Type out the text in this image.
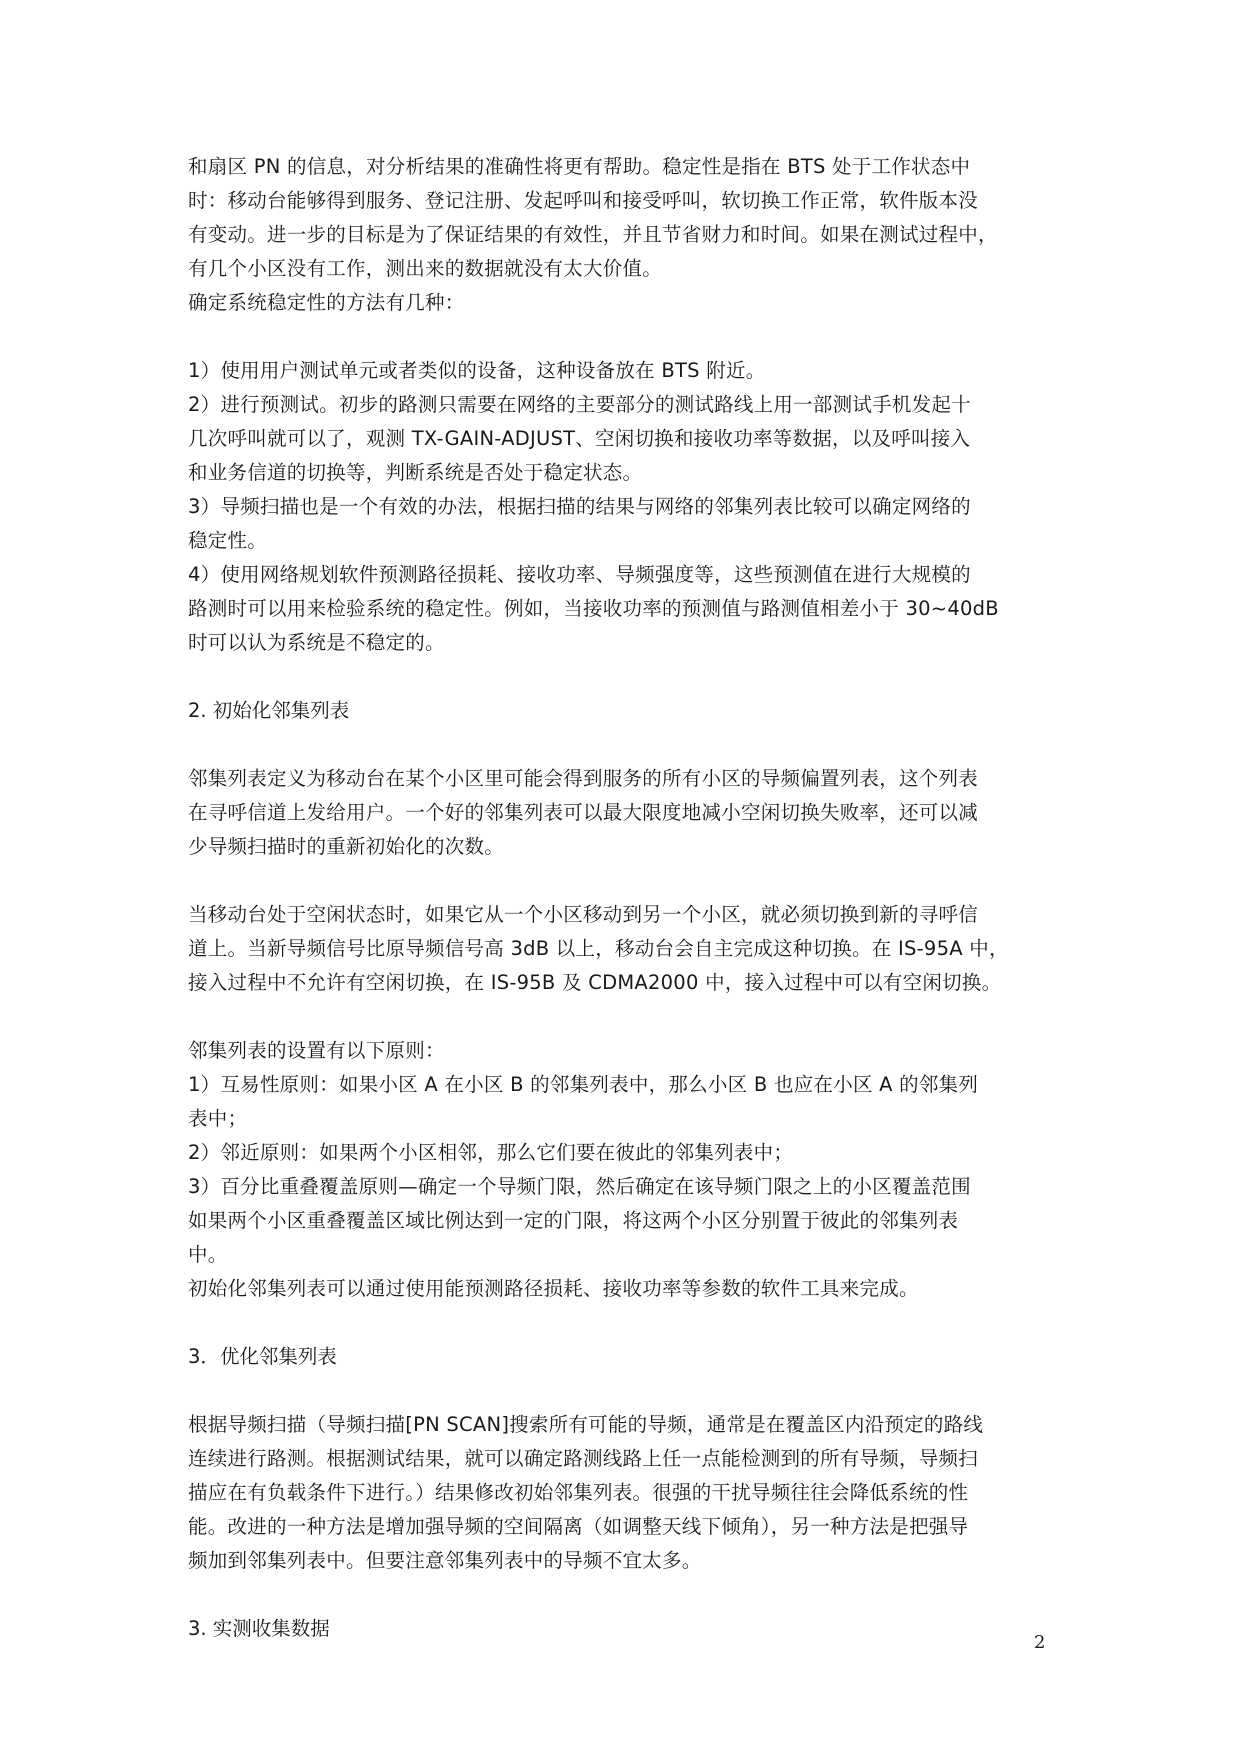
和扇区 PN 的信息，对分析结果的准确性将更有帮助。稳定性是指在 BTS 处于工作状态中
时：移动台能够得到服务、登记注册、发起呼叫和接受呼叫，软切换工作正常，软件版本没
有变动。进一步的目标是为了保证结果的有效性，并且节省财力和时间。如果在测试过程中，
有几个小区没有工作，测出来的数据就没有太大价值。
确定系统稳定性的方法有几种：
1）使用用户测试单元或者类似的设备，这种设备放在 BTS 附近。
2）进行预测试。初步的路测只需要在网络的主要部分的测试路线上用一部测试手机发起十
几次呼叫就可以了，观测 TX-GAIN-ADJUST、空闲切换和接收功率等数据，以及呼叫接入
和业务信道的切换等，判断系统是否处于稳定状态。
3）导频扫描也是一个有效的办法，根据扫描的结果与网络的邻集列表比较可以确定网络的
稳定性。
4）使用网络规划软件预测路径损耗、接收功率、导频强度等，这些预测值在进行大规模的
路测时可以用来检验系统的稳定性。例如，当接收功率的预测值与路测值相差小于 30~40dB
时可以认为系统是不稳定的。
2. 初始化邻集列表
邻集列表定义为移动台在某个小区里可能会得到服务的所有小区的导频偏置列表，这个列表
在寻呼信道上发给用户。一个好的邻集列表可以最大限度地减小空闲切换失败率，还可以减
少导频扫描时的重新初始化的次数。
当移动台处于空闲状态时，如果它从一个小区移动到另一个小区，就必须切换到新的寻呼信
道上。当新导频信号比原导频信号高 3dB 以上，移动台会自主完成这种切换。在 IS-95A 中，
接入过程中不允许有空闲切换，在 IS-95B 及 CDMA2000 中，接入过程中可以有空闲切换。
邻集列表的设置有以下原则：
1）互易性原则：如果小区 A 在小区 B 的邻集列表中，那么小区 B 也应在小区 A 的邻集列
表中；
2）邻近原则：如果两个小区相邻，那么它们要在彼此的邻集列表中；
3）百分比重叠覆盖原则—确定一个导频门限，然后确定在该导频门限之上的小区覆盖范围
如果两个小区重叠覆盖区域比例达到一定的门限，将这两个小区分别置于彼此的邻集列表
中。
初始化邻集列表可以通过使用能预测路径损耗、接收功率等参数的软件工具来完成。
3．优化邻集列表
根据导频扫描（导频扫描[PN SCAN]搜索所有可能的导频，通常是在覆盖区内沿预定的路线
连续进行路测。根据测试结果，就可以确定路测线路上任一点能检测到的所有导频，导频扫
描应在有负载条件下进行。）结果修改初始邻集列表。很强的干扰导频往往会降低系统的性
能。改进的一种方法是增加强导频的空间隔离（如调整天线下倾角），另一种方法是把强导
频加到邻集列表中。但要注意邻集列表中的导频不宜太多。
3. 实测收集数据
2
